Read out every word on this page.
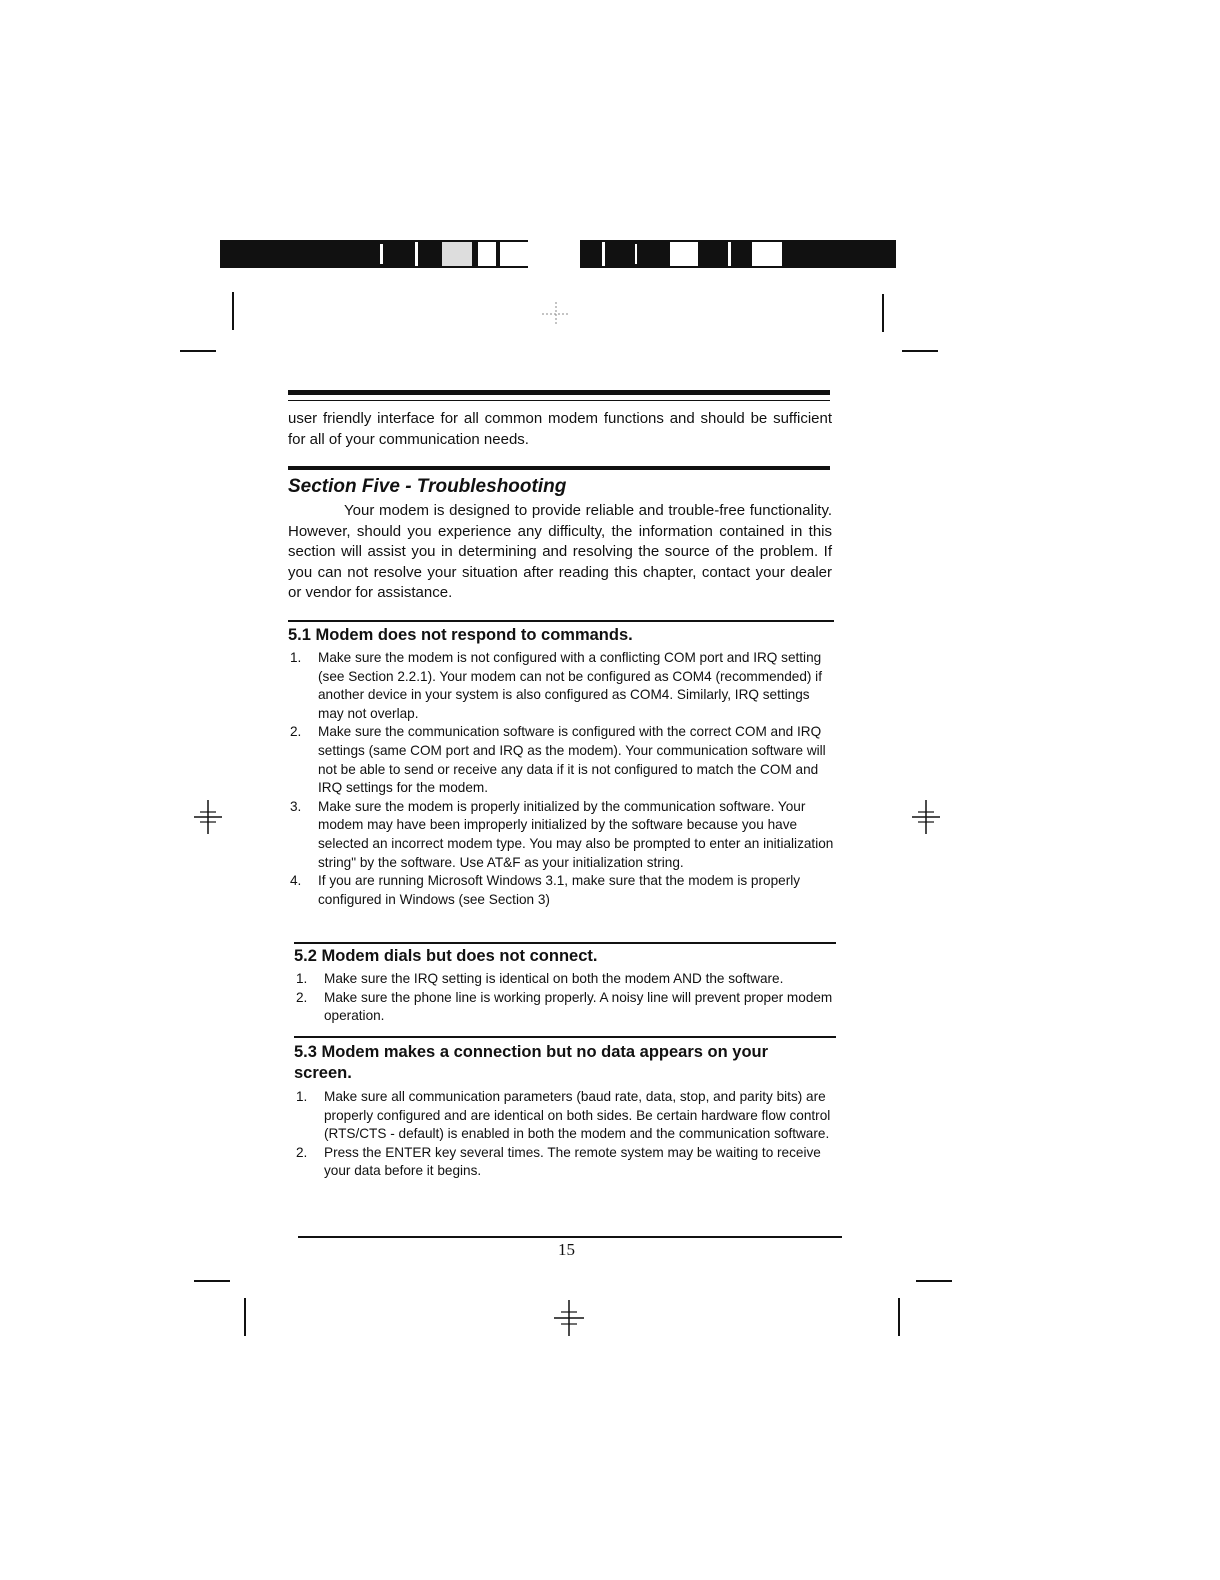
user friendly interface for all common modem functions and should be sufficient for all of your communication needs.

Section Five - Troubleshooting

Your modem is designed to provide reliable and trouble-free functionality. However, should you experience any difficulty, the information contained in this section will assist you in determining and resolving the source of the problem. If you can not resolve your situation after reading this chapter, contact your dealer or vendor for assistance.

5.1 Modem does not respond to commands.

1. Make sure the modem is not configured with a conflicting COM port and IRQ setting (see Section 2.2.1). Your modem can not be configured as COM4 (recommended) if another device in your system is also configured as COM4. Similarly, IRQ settings may not overlap.
2. Make sure the communication software is configured with the correct COM and IRQ settings (same COM port and IRQ as the modem). Your communication software will not be able to send or receive any data if it is not configured to match the COM and IRQ settings for the modem.
3. Make sure the modem is properly initialized by the communication software. Your modem may have been improperly initialized by the software because you have selected an incorrect modem type. You may also be prompted to enter an initialization string" by the software. Use AT&F as your initialization string.
4. If you are running Microsoft Windows 3.1, make sure that the modem is properly configured in Windows (see Section 3)

5.2 Modem dials but does not connect.

1. Make sure the IRQ setting is identical on both the modem AND the software.
2. Make sure the phone line is working properly. A noisy line will prevent proper modem operation.

5.3 Modem makes a connection but no data appears on your screen.

1. Make sure all communication parameters (baud rate, data, stop, and parity bits) are properly configured and are identical on both sides. Be certain hardware flow control (RTS/CTS - default) is enabled in both the modem and the communication software.
2. Press the ENTER key several times. The remote system may be waiting to receive your data before it begins.
15
